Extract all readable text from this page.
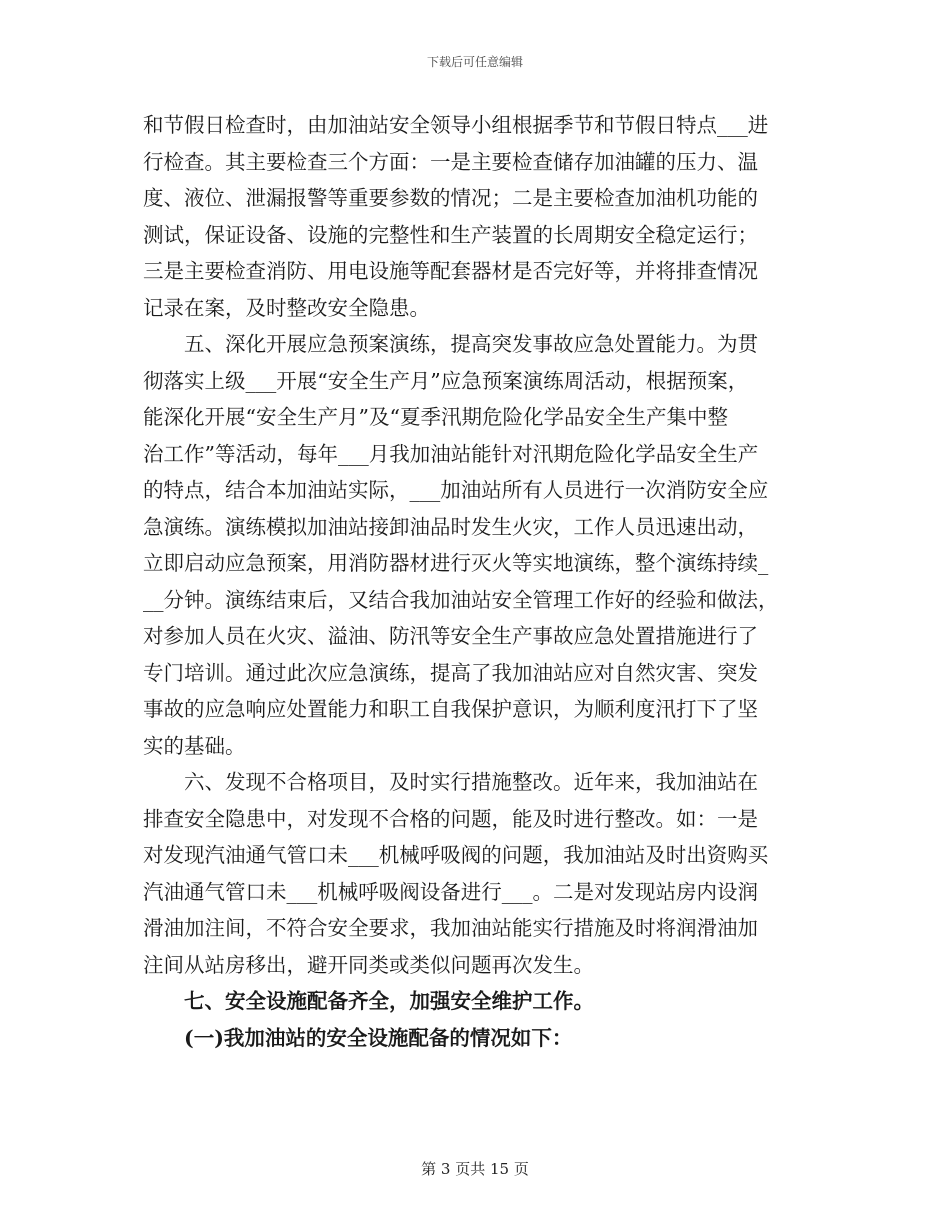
下载后可任意编辑
和节假日检查时，由加油站安全领导小组根据季节和节假日特点___进
行检查。其主要检查三个方面：一是主要检查储存加油罐的压力、温
度、液位、泄漏报警等重要参数的情况；二是主要检查加油机功能的
测试，保证设备、设施的完整性和生产装置的长周期安全稳定运行；
三是主要检查消防、用电设施等配套器材是否完好等，并将排查情况
记录在案，及时整改安全隐患。
五、深化开展应急预案演练，提高突发事故应急处置能力。为贯
彻落实上级___开展“安全生产月”应急预案演练周活动，根据预案，
能深化开展“安全生产月”及“夏季汛期危险化学品安全生产集中整
治工作”等活动，每年___月我加油站能针对汛期危险化学品安全生产
的特点，结合本加油站实际，___加油站所有人员进行一次消防安全应
急演练。演练模拟加油站接卸油品时发生火灾，工作人员迅速出动，
立即启动应急预案，用消防器材进行灭火等实地演练，整个演练持续_
__分钟。演练结束后，又结合我加油站安全管理工作好的经验和做法，
对参加人员在火灾、溢油、防汛等安全生产事故应急处置措施进行了
专门培训。通过此次应急演练，提高了我加油站应对自然灾害、突发
事故的应急响应处置能力和职工自我保护意识，为顺利度汛打下了坚
实的基础。
六、发现不合格项目，及时实行措施整改。近年来，我加油站在
排查安全隐患中，对发现不合格的问题，能及时进行整改。如：一是
对发现汽油通气管口未___机械呼吸阀的问题，我加油站及时出资购买
汽油通气管口未___机械呼吸阀设备进行___。二是对发现站房内设润
滑油加注间，不符合安全要求，我加油站能实行措施及时将润滑油加
注间从站房移出，避开同类或类似问题再次发生。
七、安全设施配备齐全，加强安全维护工作。
(一)我加油站的安全设施配备的情况如下：
第 3 页共 15 页
